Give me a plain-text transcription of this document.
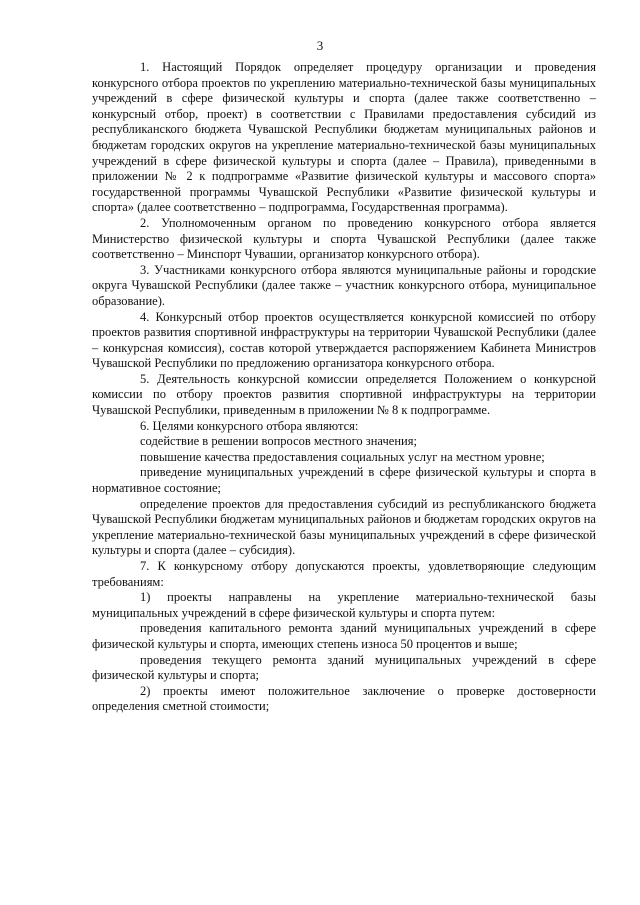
3

1. Настоящий Порядок определяет процедуру организации и проведения конкурсного отбора проектов по укреплению материально-технической базы муниципальных учреждений в сфере физической культуры и спорта (далее также соответственно – конкурсный отбор, проект) в соответствии с Правилами предоставления субсидий из республиканского бюджета Чувашской Республики бюджетам муниципальных районов и бюджетам городских округов на укрепление материально-технической базы муниципальных учреждений в сфере физической культуры и спорта (далее – Правила), приведенными в приложении № 2 к подпрограмме «Развитие физической культуры и массового спорта» государственной программы Чувашской Республики «Развитие физической культуры и спорта» (далее соответственно – подпрограмма, Государственная программа).

2. Уполномоченным органом по проведению конкурсного отбора является Министерство физической культуры и спорта Чувашской Республики (далее также соответственно – Минспорт Чувашии, организатор конкурсного отбора).

3. Участниками конкурсного отбора являются муниципальные районы и городские округа Чувашской Республики (далее также – участник конкурсного отбора, муниципальное образование).

4. Конкурсный отбор проектов осуществляется конкурсной комиссией по отбору проектов развития спортивной инфраструктуры на территории Чувашской Республики (далее – конкурсная комиссия), состав которой утверждается распоряжением Кабинета Министров Чувашской Республики по предложению организатора конкурсного отбора.

5. Деятельность конкурсной комиссии определяется Положением о конкурсной комиссии по отбору проектов развития спортивной инфраструктуры на территории Чувашской Республики, приведенным в приложении № 8 к подпрограмме.

6. Целями конкурсного отбора являются:

содействие в решении вопросов местного значения;

повышение качества предоставления социальных услуг на местном уровне;

приведение муниципальных учреждений в сфере физической культуры и спорта в нормативное состояние;

определение проектов для предоставления субсидий из республиканского бюджета Чувашской Республики бюджетам муниципальных районов и бюджетам городских округов на укрепление материально-технической базы муниципальных учреждений в сфере физической культуры и спорта (далее – субсидия).

7. К конкурсному отбору допускаются проекты, удовлетворяющие следующим требованиям:

1) проекты направлены на укрепление материально-технической базы муниципальных учреждений в сфере физической культуры и спорта путем:

проведения капитального ремонта зданий муниципальных учреждений в сфере физической культуры и спорта, имеющих степень износа 50 процентов и выше;

проведения текущего ремонта зданий муниципальных учреждений в сфере физической культуры и спорта;

2) проекты имеют положительное заключение о проверке достоверности определения сметной стоимости;
